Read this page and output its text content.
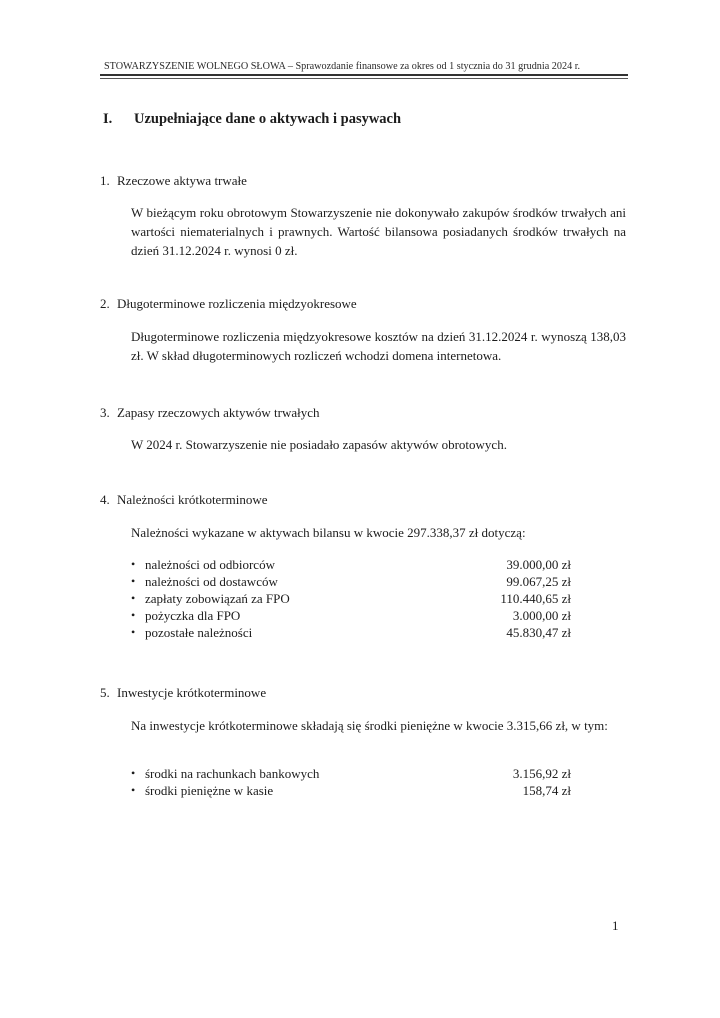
STOWARZYSZENIE WOLNEGO SŁOWA – Sprawozdanie finansowe za okres od 1 stycznia do 31 grudnia 2024 r.
I. Uzupełniające dane o aktywach i pasywach
1. Rzeczowe aktywa trwałe
W bieżącym roku obrotowym Stowarzyszenie nie dokonywało zakupów środków trwałych ani wartości niematerialnych i prawnych. Wartość bilansowa posiadanych środków trwałych na dzień 31.12.2024 r. wynosi 0 zł.
2. Długoterminowe rozliczenia międzyokresowe
Długoterminowe rozliczenia międzyokresowe kosztów na dzień 31.12.2024 r. wynoszą 138,03 zł. W skład długoterminowych rozliczeń wchodzi domena internetowa.
3. Zapasy rzeczowych aktywów trwałych
W 2024 r. Stowarzyszenie nie posiadało zapasów aktywów obrotowych.
4. Należności krótkoterminowe
Należności wykazane w aktywach bilansu w kwocie 297.338,37 zł dotyczą:
• należności od odbiorców	39.000,00 zł
• należności od dostawców	99.067,25 zł
• zapłaty zobowiązań za FPO	110.440,65 zł
• pożyczka dla FPO	3.000,00 zł
• pozostałe należności	45.830,47 zł
5. Inwestycje krótkoterminowe
Na inwestycje krótkoterminowe składają się środki pieniężne w kwocie 3.315,66 zł, w tym:
• środki na rachunkach bankowych	3.156,92 zł
• środki pieniężne w kasie	158,74 zł
1
